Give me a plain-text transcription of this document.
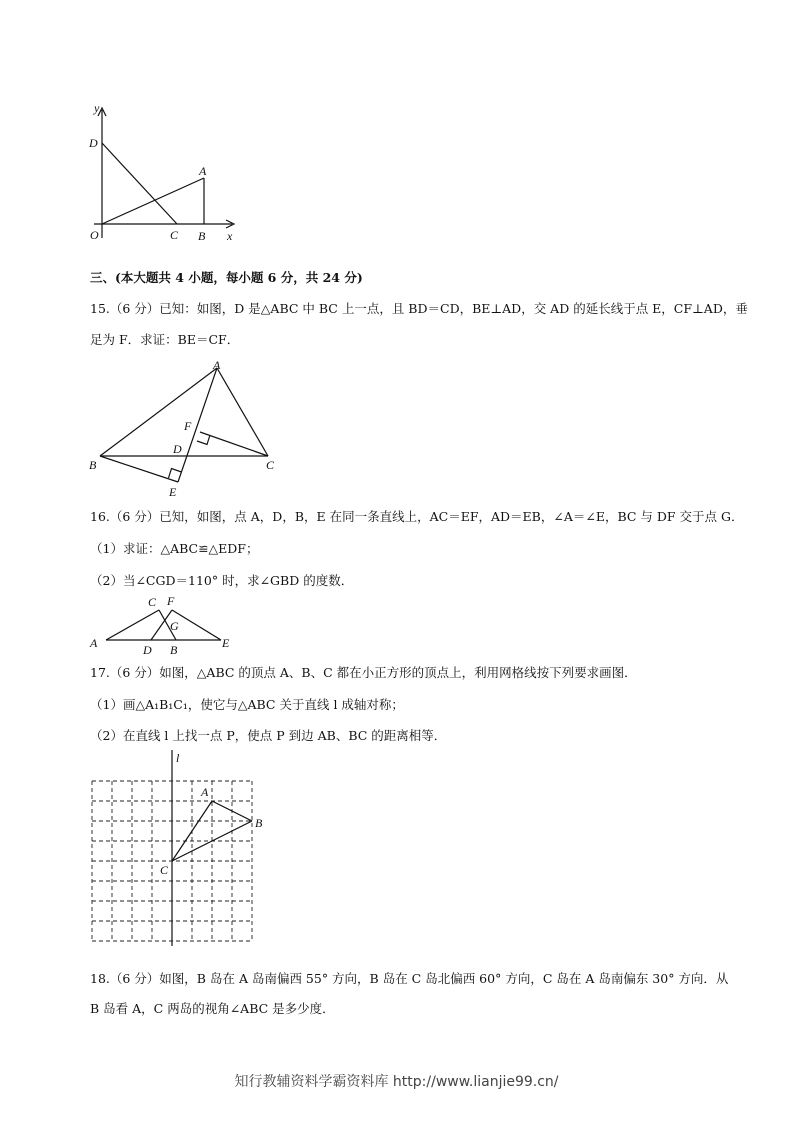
y
x
O
D
A
C B
三、(本大题共 4 小题，每小题 6 分，共 24 分)
15.（6 分）已知：如图，D 是△ABC 中 BC 上一点，且 BD＝CD，BE⊥AD，交 AD 的延长线于点 E，CF⊥AD，垂
足为 F．求证：BE＝CF．
A
B	C
D
E
F
16.（6 分）已知，如图，点 A，D，B，E 在同一条直线上，AC＝EF，AD＝EB，∠A＝∠E，BC 与 DF 交于点 G．
（1）求证：△ABC≌△EDF；
（2）当∠CGD＝110° 时，求∠GBD 的度数．
A
C F
G
D B	E
17.（6 分）如图，△ABC 的顶点 A、B、C 都在小正方形的顶点上，利用网格线按下列要求画图．
（1）画△A₁B₁C₁，使它与△ABC 关于直线 l 成轴对称；
（2）在直线 l 上找一点 P，使点 P 到边 AB、BC 的距离相等．
l
A
B
C
18.（6 分）如图，B 岛在 A 岛南偏西 55° 方向，B 岛在 C 岛北偏西 60° 方向，C 岛在 A 岛南偏东 30° 方向．从
B 岛看 A，C 两岛的视角∠ABC 是多少度．
知行教辅资料学霸资料库 http://www.lianjie99.cn/
